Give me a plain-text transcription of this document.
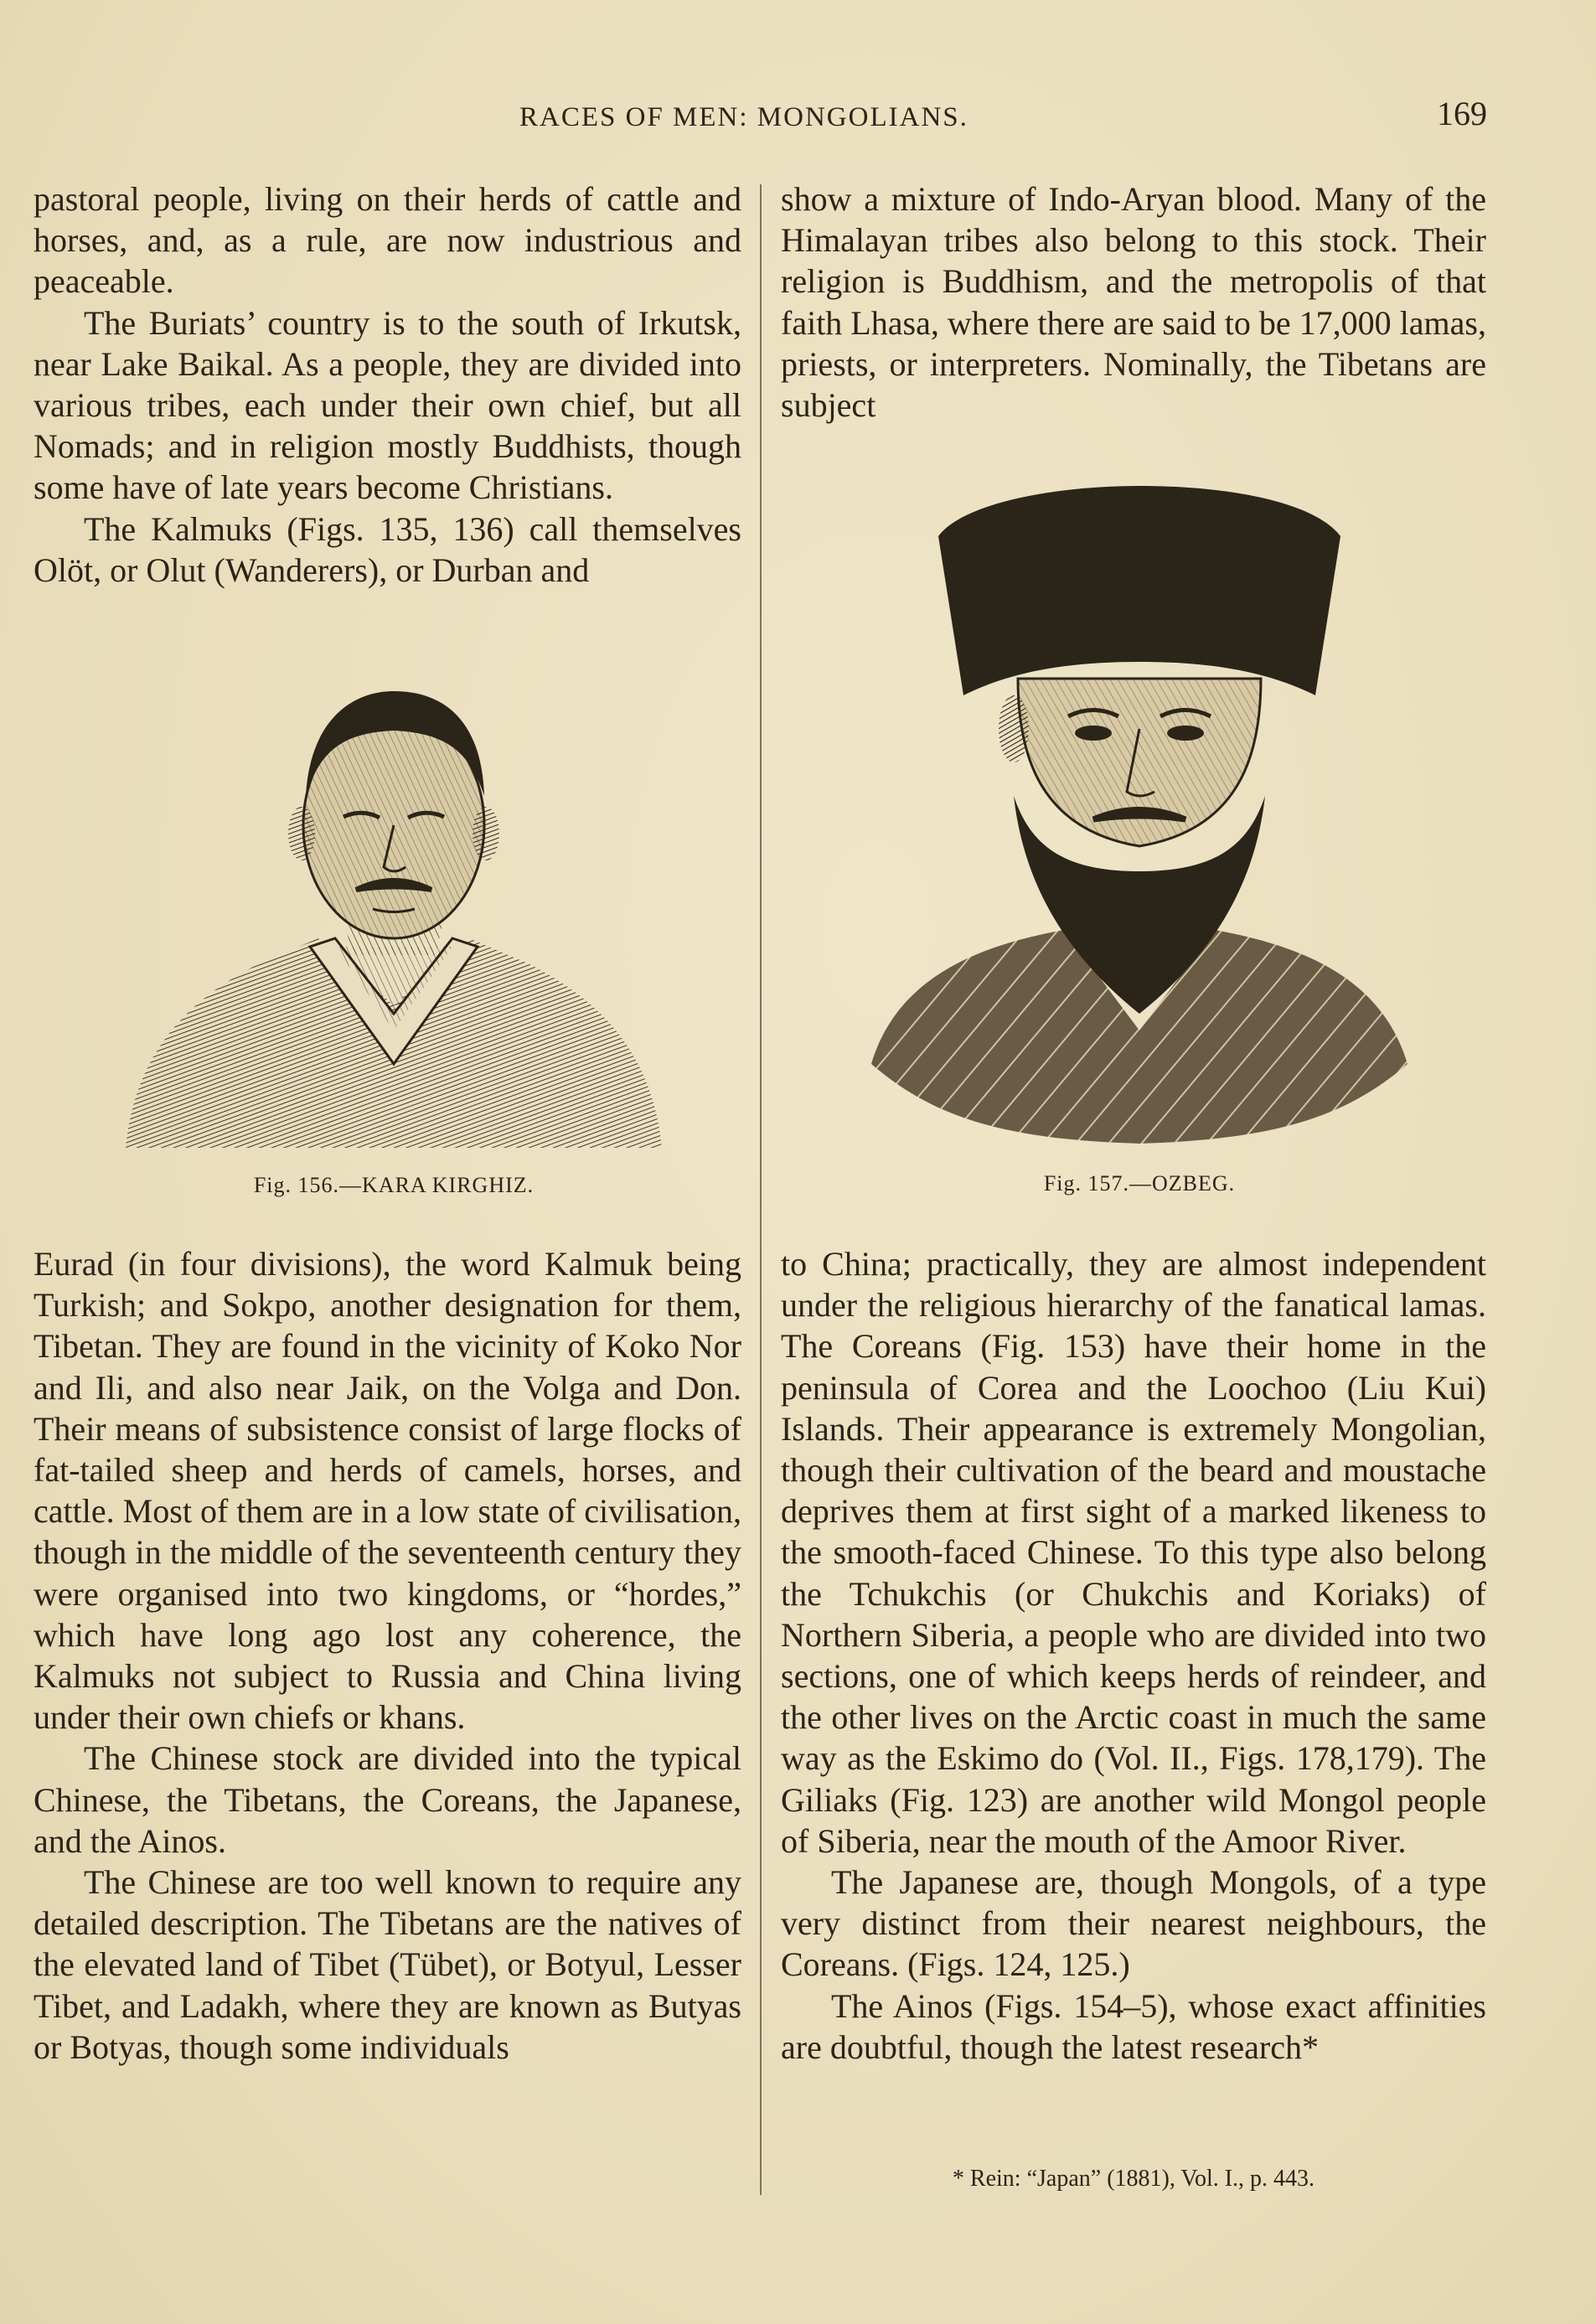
RACES OF MEN: MONGOLIANS.	169

pastoral people, living on their herds of cattle and horses, and, as a rule, are now industrious and peaceable.

The Buriats’ country is to the south of Irkutsk, near Lake Baikal. As a people, they are divided into various tribes, each under their own chief, but all Nomads; and in religion mostly Buddhists, though some have of late years become Christians.

The Kalmuks (Figs. 135, 136) call themselves Olöt, or Olut (Wanderers), or Durban and

Fig. 156.—KARA KIRGHIZ.

Eurad (in four divisions), the word Kalmuk being Turkish; and Sokpo, another designation for them, Tibetan. They are found in the vicinity of Koko Nor and Ili, and also near Jaik, on the Volga and Don. Their means of subsistence consist of large flocks of fat-tailed sheep and herds of camels, horses, and cattle. Most of them are in a low state of civilisation, though in the middle of the seventeenth century they were organised into two kingdoms, or “hordes,” which have long ago lost any coherence, the Kalmuks not subject to Russia and China living under their own chiefs or khans.

The Chinese stock are divided into the typical Chinese, the Tibetans, the Coreans, the Japanese, and the Ainos.

The Chinese are too well known to require any detailed description. The Tibetans are the natives of the elevated land of Tibet (Tübet), or Botyul, Lesser Tibet, and Ladakh, where they are known as Butyas or Botyas, though some individuals

show a mixture of Indo-Aryan blood. Many of the Himalayan tribes also belong to this stock. Their religion is Buddhism, and the metropolis of that faith Lhasa, where there are said to be 17,000 lamas, priests, or interpreters. Nominally, the Tibetans are subject

Fig. 157.—OZBEG.

to China; practically, they are almost independent under the religious hierarchy of the fanatical lamas. The Coreans (Fig. 153) have their home in the peninsula of Corea and the Loochoo (Liu Kui) Islands. Their appearance is extremely Mongolian, though their cultivation of the beard and moustache deprives them at first sight of a marked likeness to the smooth-faced Chinese. To this type also belong the Tchukchis (or Chukchis and Koriaks) of Northern Siberia, a people who are divided into two sections, one of which keeps herds of reindeer, and the other lives on the Arctic coast in much the same way as the Eskimo do (Vol. II., Figs. 178,179). The Giliaks (Fig. 123) are another wild Mongol people of Siberia, near the mouth of the Amoor River.

The Japanese are, though Mongols, of a type very distinct from their nearest neighbours, the Coreans. (Figs. 124, 125.)

The Ainos (Figs. 154–5), whose exact affinities are doubtful, though the latest research*

* Rein: “Japan” (1881), Vol. I., p. 443.
